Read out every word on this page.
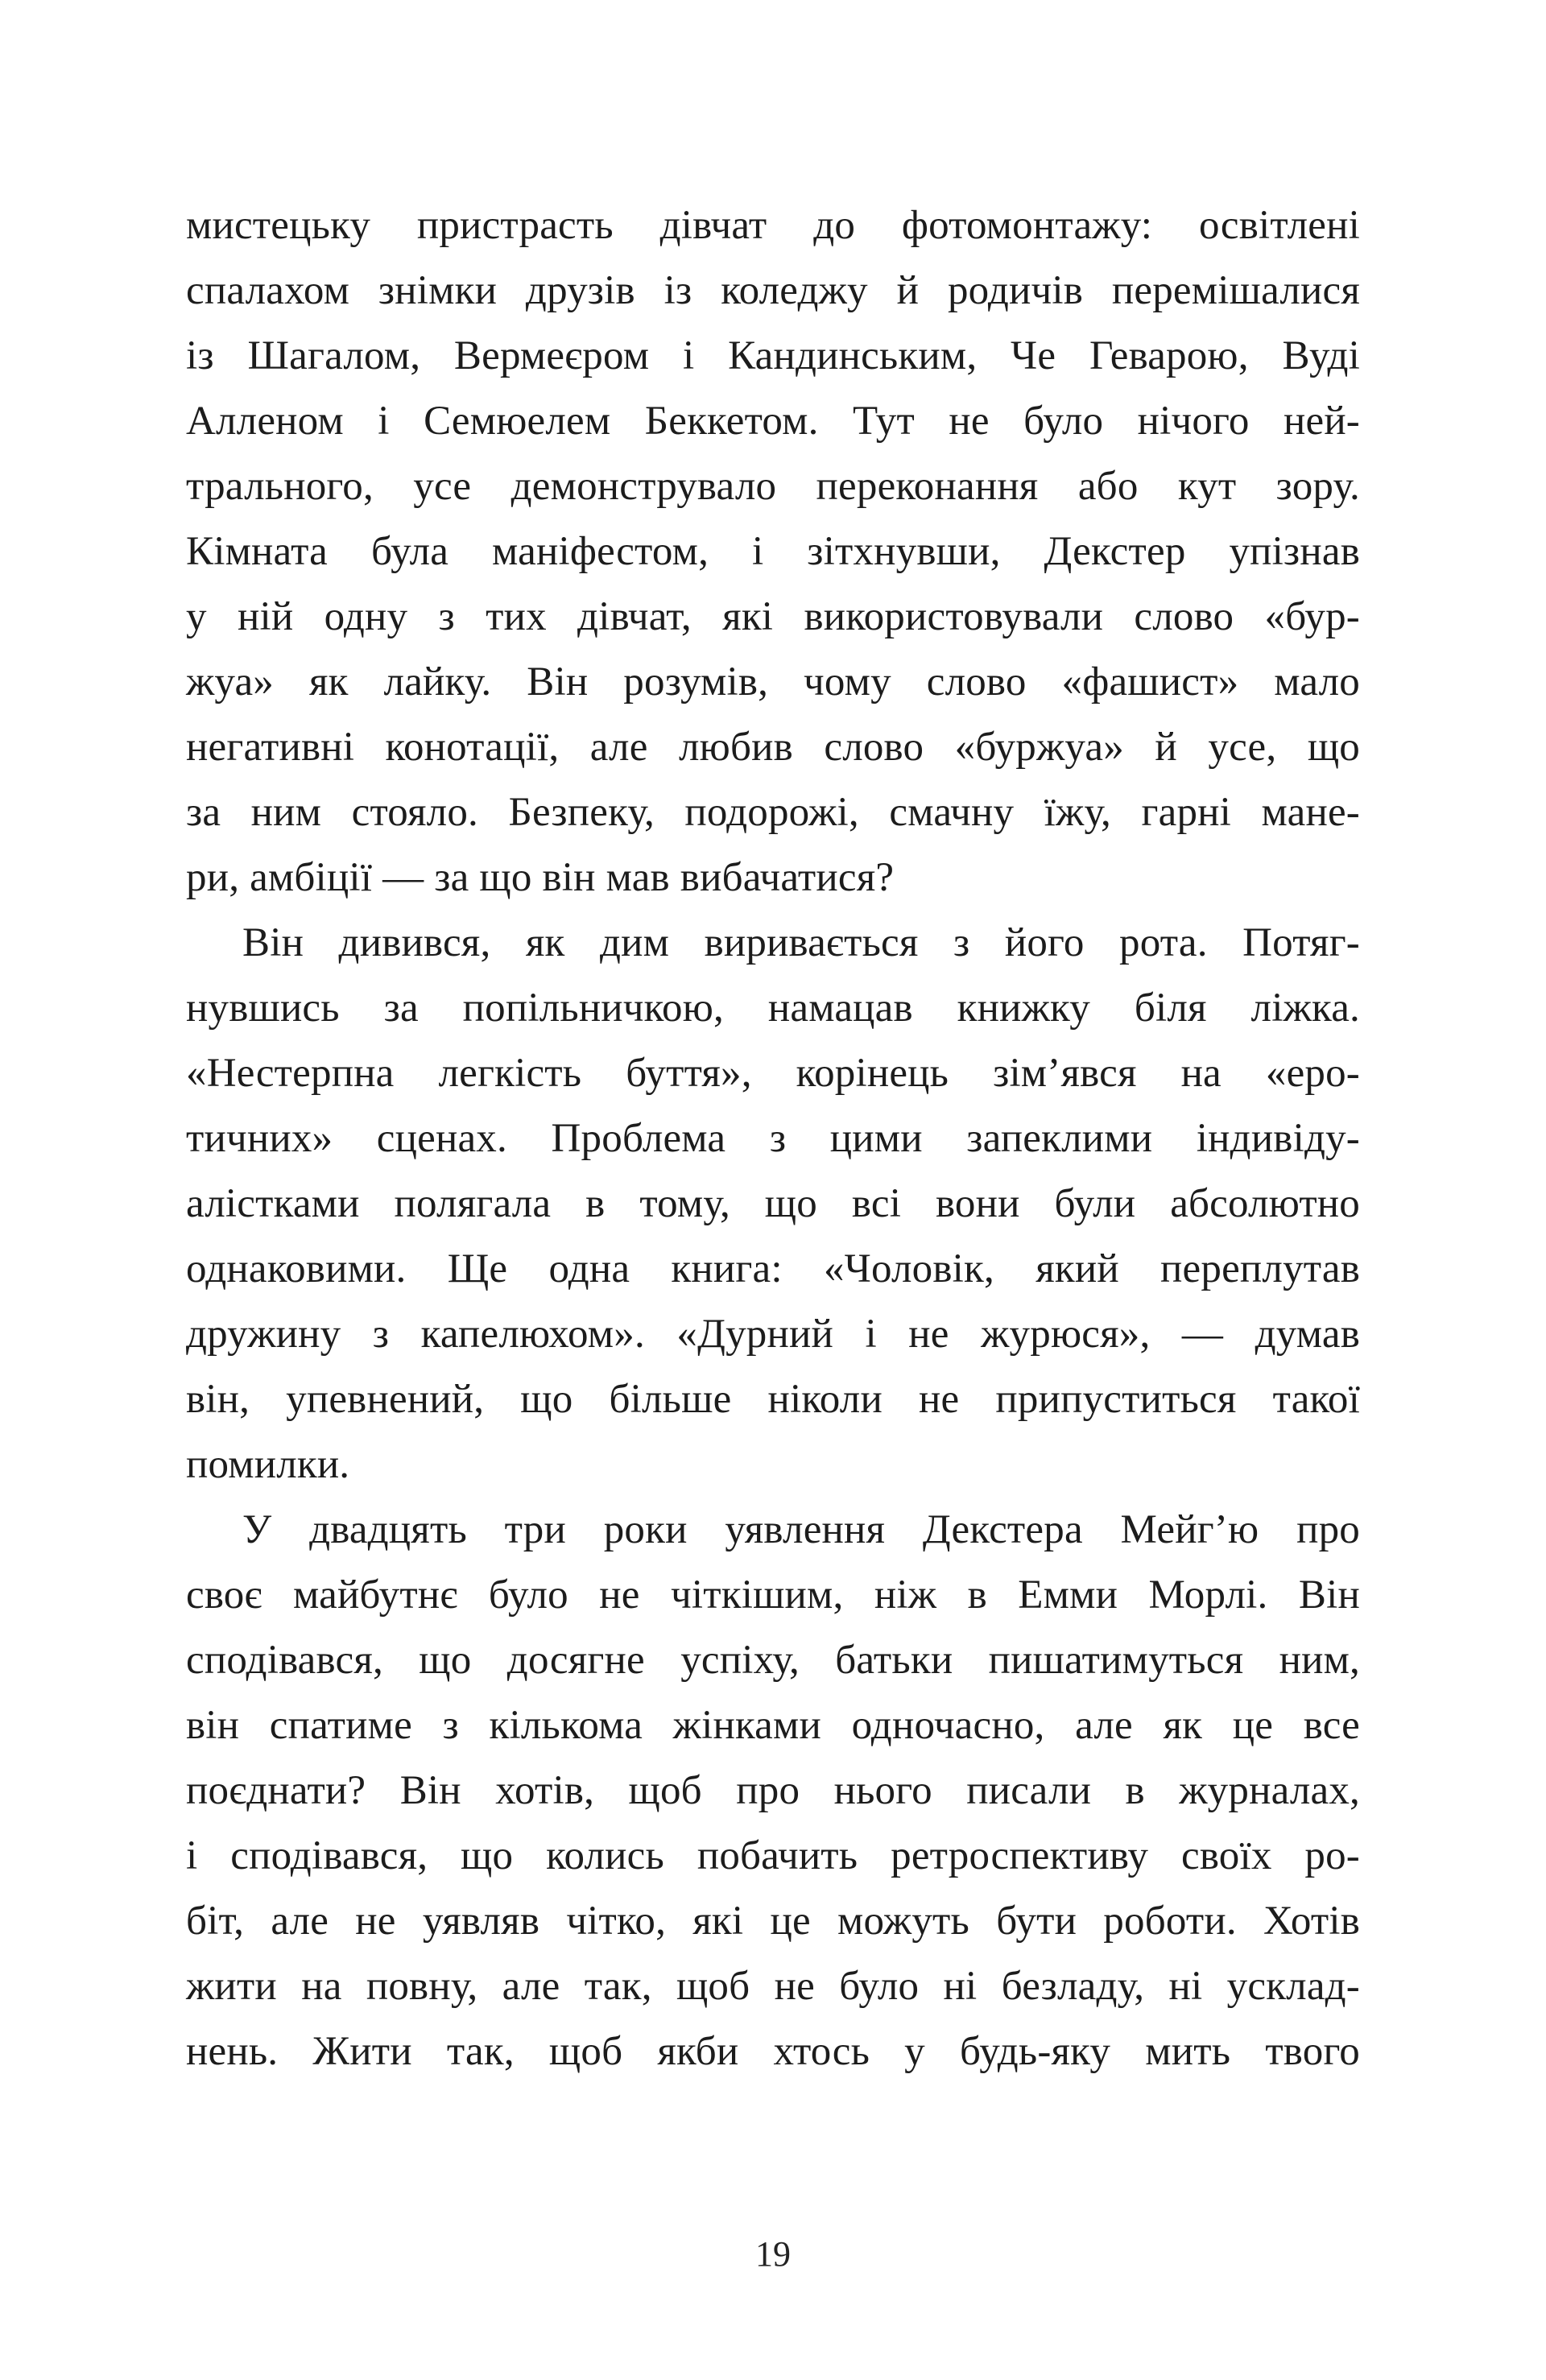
мистецьку пристрасть дівчат до фотомонтажу: освітлені
спалахом знімки друзів із коледжу й родичів перемішалися
із Шагалом, Вермеєром і Кандинським, Че Геварою, Вуді
Алленом і Семюелем Беккетом. Тут не було нічого ней-
трального, усе демонструвало переконання або кут зору.
Кімната була маніфестом, і зітхнувши, Декстер упізнав
у ній одну з тих дівчат, які використовували слово «бур-
жуа» як лайку. Він розумів, чому слово «фашист» мало
негативні конотації, але любив слово «буржуа» й усе, що
за ним стояло. Безпеку, подорожі, смачну їжу, гарні мане-
ри, амбіції — за що він мав вибачатися?
Він дивився, як дим виривається з його рота. Потяг-
нувшись за попільничкою, намацав книжку біля ліжка.
«Нестерпна легкість буття», корінець зім’явся на «еро-
тичних» сценах. Проблема з цими запеклими індивіду-
алістками полягала в тому, що всі вони були абсолютно
однаковими. Ще одна книга: «Чоловік, який переплутав
дружину з капелюхом». «Дурний і не журюся», — думав
він, упевнений, що більше ніколи не припуститься такої
помилки.
У двадцять три роки уявлення Декстера Мейг’ю про
своє майбутнє було не чіткішим, ніж в Емми Морлі. Він
сподівався, що досягне успіху, батьки пишатимуться ним,
він спатиме з кількома жінками одночасно, але як це все
поєднати? Він хотів, щоб про нього писали в журналах,
і сподівався, що колись побачить ретроспективу своїх ро-
біт, але не уявляв чітко, які це можуть бути роботи. Хотів
жити на повну, але так, щоб не було ні безладу, ні усклад-
нень. Жити так, щоб якби хтось у будь-яку мить твого
19
